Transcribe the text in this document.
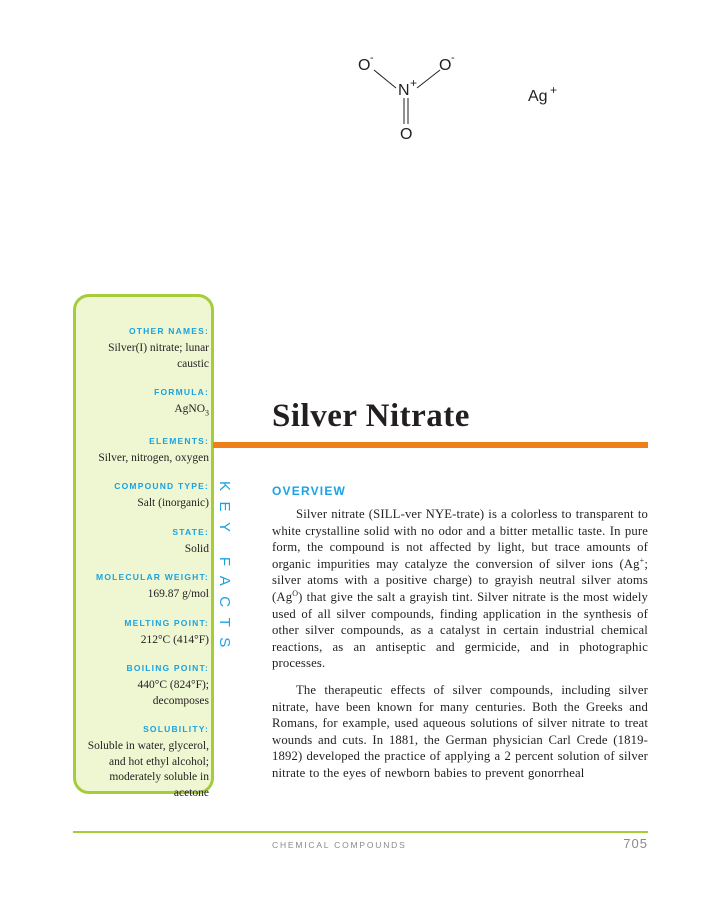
O -	O -
N +
O
Ag +
OTHER NAMES:
Silver(I) nitrate; lunar caustic
FORMULA:
AgNO$_3$
ELEMENTS:
Silver, nitrogen, oxygen
COMPOUND TYPE:
Salt (inorganic)
STATE:
Solid
MOLECULAR WEIGHT:
169.87 g/mol
MELTING POINT:
212°C (414°F)
BOILING POINT:
440°C (824°F); decomposes
SOLUBILITY:
Soluble in water, glycerol, and hot ethyl alcohol; moderately soluble in acetone
KEY FACTS
Silver Nitrate
OVERVIEW

Silver nitrate (SILL-ver NYE-trate) is a colorless to transparent to white crystalline solid with no odor and a bitter metallic taste. In pure form, the compound is not affected by light, but trace amounts of organic impurities may catalyze the conversion of silver ions (Ag+; silver atoms with a positive charge) to grayish neutral silver atoms $(Ag^O)$ that give the salt a grayish tint. Silver nitrate is the most widely used of all silver compounds, finding application in the synthesis of other silver compounds, as a catalyst in certain industrial chemical reactions, as an antiseptic and germicide, and in photographic processes.

The therapeutic effects of silver compounds, including silver nitrate, have been known for many centuries. Both the Greeks and Romans, for example, used aqueous solutions of silver nitrate to treat wounds and cuts. In 1881, the German physician Carl Crede (1819-1892) developed the practice of applying a 2 percent solution of silver nitrate to the eyes of newborn babies to prevent gonorrheal

CHEMICAL COMPOUNDS	705
